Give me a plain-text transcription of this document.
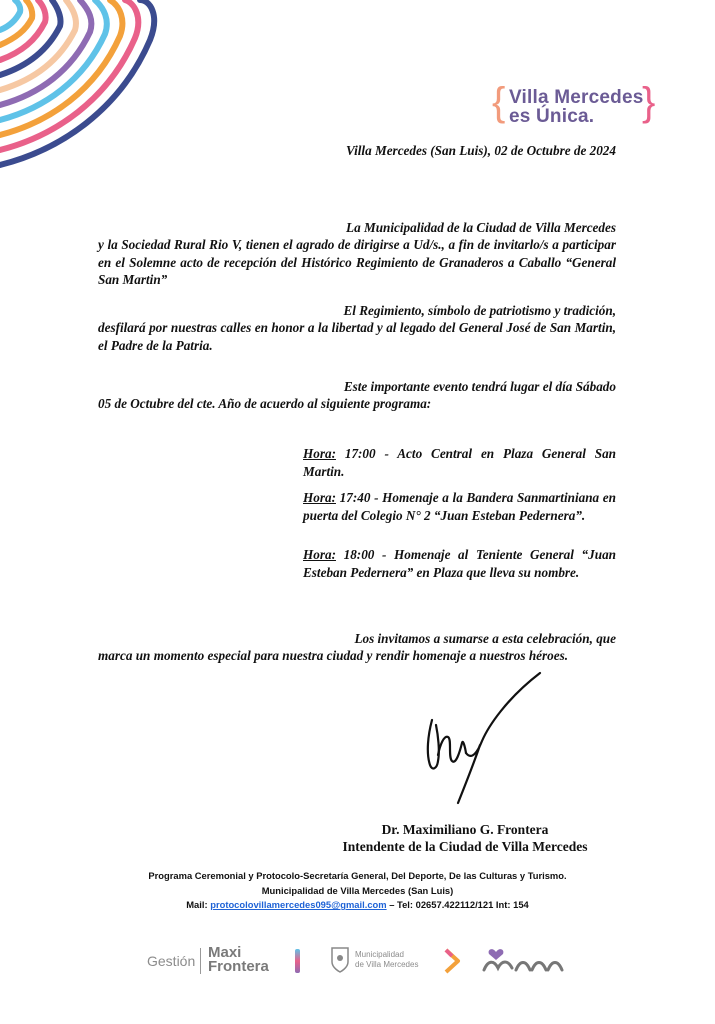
{ Villa Mercedes
es Única. }
Villa Mercedes (San Luis), 02 de Octubre de 2024
La Municipalidad de la Ciudad de Villa Mercedes
y la Sociedad Rural Rio V, tienen el agrado de dirigirse a Ud/s., a fin de invitarlo/s a participar en el Solemne acto de recepción del Histórico Regimiento de Granaderos a Caballo “General San Martin”
El Regimiento, símbolo de patriotismo y tradición,
desfilará por nuestras calles en honor a la libertad y al legado del General José de San Martin, el Padre de la Patria.
Este importante evento tendrá lugar el día Sábado
05 de Octubre del cte. Año de acuerdo al siguiente programa:
Hora: 17:00 - Acto Central en Plaza General San Martin.
Hora: 17:40 - Homenaje a la Bandera Sanmartiniana en puerta del Colegio N° 2 “Juan Esteban Pedernera”.
Hora: 18:00 - Homenaje al Teniente General “Juan Esteban Pedernera” en Plaza que lleva su nombre.
Los invitamos a sumarse a esta celebración, que
marca un momento especial para nuestra ciudad y rendir homenaje a nuestros héroes.
Dr. Maximiliano G. Frontera
Intendente de la Ciudad de Villa Mercedes
Programa Ceremonial y Protocolo-Secretaría General, Del Deporte, De las Culturas y Turismo.
Municipalidad de Villa Mercedes (San Luis)
Mail: protocolovillamercedes095@gmail.com – Tel: 02657.422112/121 Int: 154
Gestión Maxi
Frontera
Municipalidad
de Villa Mercedes
